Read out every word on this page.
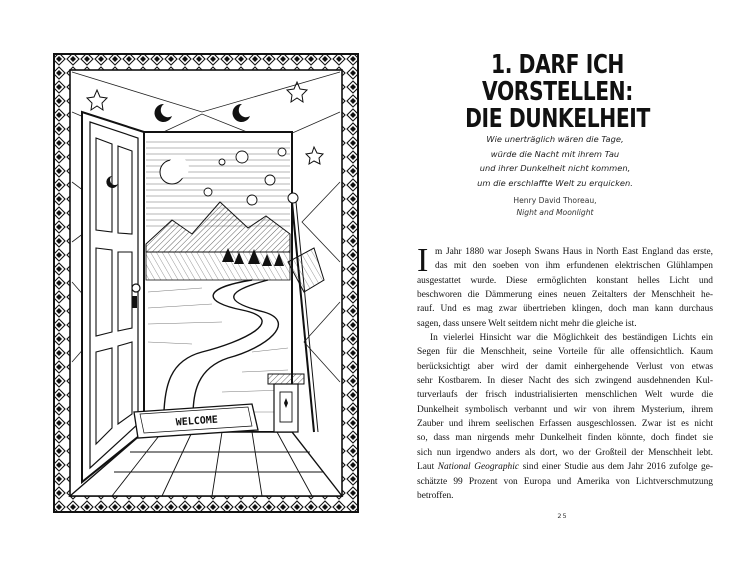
WELCOME
1. DARF ICH VORSTELLEN:
DIE DUNKELHEIT
Wie unerträglich wären die Tage,
würde die Nacht mit ihrem Tau
und ihrer Dunkelheit nicht kommen,
um die erschlaffte Welt zu erquicken.
Henry David Thoreau,
Night and Moonlight
I m Jahr 1880 war Joseph Swans Haus in North East England das erste,
das mit den soeben von ihm erfundenen elektrischen Glühlampen
ausgestattet wurde. Diese ermöglichten konstant helles Licht und
beschworen die Dämmerung eines neuen Zeitalters der Menschheit he-
rauf. Und es mag zwar übertrieben klingen, doch man kann durchaus
sagen, dass unsere Welt seitdem nicht mehr die gleiche ist.
In vielerlei Hinsicht war die Möglichkeit des beständigen Lichts ein
Segen für die Menschheit, seine Vorteile für alle offensichtlich. Kaum
berücksichtigt aber wird der damit einhergehende Verlust von etwas
sehr Kostbarem. In dieser Nacht des sich zwingend ausdehnenden Kul-
turverlaufs der frisch industrialisierten menschlichen Welt wurde die
Dunkelheit symbolisch verbannt und wir von ihrem Mysterium, ihrem
Zauber und ihrem seelischen Erfassen ausgeschlossen. Zwar ist es nicht
so, dass man nirgends mehr Dunkelheit finden könnte, doch findet sie
sich nun irgendwo anders als dort, wo der Großteil der Menschheit lebt.
Laut National Geographic sind einer Studie aus dem Jahr 2016 zufolge ge-
schätzte 99 Prozent von Europa und Amerika von Lichtverschmutzung
betroffen.
25
